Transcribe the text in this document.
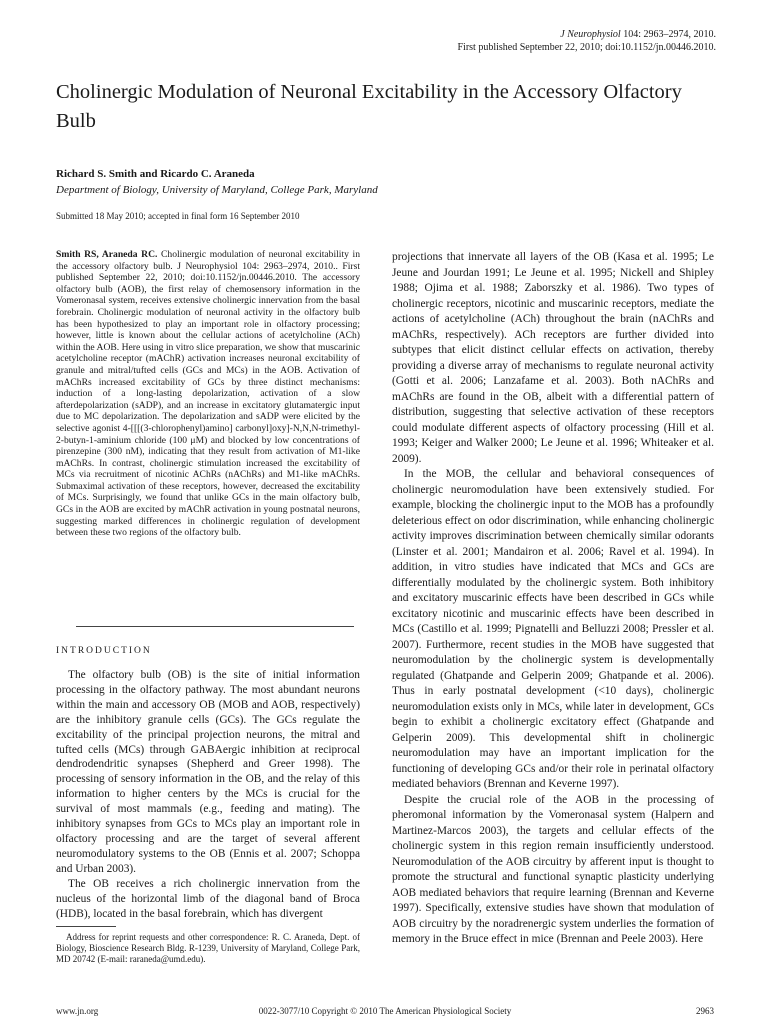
J Neurophysiol 104: 2963–2974, 2010.
First published September 22, 2010; doi:10.1152/jn.00446.2010.
Cholinergic Modulation of Neuronal Excitability in the Accessory Olfactory Bulb
Richard S. Smith and Ricardo C. Araneda
Department of Biology, University of Maryland, College Park, Maryland
Submitted 18 May 2010; accepted in final form 16 September 2010

Smith RS, Araneda RC. Cholinergic modulation of neuronal excitability in the accessory olfactory bulb. J Neurophysiol 104: 2963–2974, 2010.. First published September 22, 2010; doi:10.1152/jn.00446.2010. The accessory olfactory bulb (AOB), the first relay of chemosensory information in the Vomeronasal system, receives extensive cholinergic innervation from the basal forebrain. Cholinergic modulation of neuronal activity in the olfactory bulb has been hypothesized to play an important role in olfactory processing; however, little is known about the cellular actions of acetylcholine (ACh) within the AOB. Here using in vitro slice preparation, we show that muscarinic acetylcholine receptor (mAChR) activation increases neuronal excitability of granule and mitral/tufted cells (GCs and MCs) in the AOB. Activation of mAChRs increased excitability of GCs by three distinct mechanisms: induction of a long-lasting depolarization, activation of a slow afterdepolarization (sADP), and an increase in excitatory glutamatergic input due to MC depolarization. The depolarization and sADP were elicited by the selective agonist 4-[[[(3-chlorophenyl)amino] carbonyl]oxy]-N,N,N-trimethyl-2-butyn-1-aminium chloride (100 μM) and blocked by low concentrations of pirenzepine (300 nM), indicating that they result from activation of M1-like mAChRs. In contrast, cholinergic stimulation increased the excitability of MCs via recruitment of nicotinic AChRs (nAChRs) and M1-like mAChRs. Submaximal activation of these receptors, however, decreased the excitability of MCs. Surprisingly, we found that unlike GCs in the main olfactory bulb, GCs in the AOB are excited by mAChR activation in young postnatal neurons, suggesting marked differences in cholinergic regulation of development between these two regions of the olfactory bulb.

INTRODUCTION

The olfactory bulb (OB) is the site of initial information processing in the olfactory pathway. The most abundant neurons within the main and accessory OB (MOB and AOB, respectively) are the inhibitory granule cells (GCs). The GCs regulate the excitability of the principal projection neurons, the mitral and tufted cells (MCs) through GABAergic inhibition at reciprocal dendrodendritic synapses (Shepherd and Greer 1998). The processing of sensory information in the OB, and the relay of this information to higher centers by the MCs is crucial for the survival of most mammals (e.g., feeding and mating). The inhibitory synapses from GCs to MCs play an important role in olfactory processing and are the target of several afferent neuromodulatory systems to the OB (Ennis et al. 2007; Schoppa and Urban 2003).

The OB receives a rich cholinergic innervation from the nucleus of the horizontal limb of the diagonal band of Broca (HDB), located in the basal forebrain, which has divergent

Address for reprint requests and other correspondence: R. C. Araneda, Dept. of Biology, Bioscience Research Bldg. R-1239, University of Maryland, College Park, MD 20742 (E-mail: raraneda@umd.edu).

projections that innervate all layers of the OB (Kasa et al. 1995; Le Jeune and Jourdan 1991; Le Jeune et al. 1995; Nickell and Shipley 1988; Ojima et al. 1988; Zaborszky et al. 1986). Two types of cholinergic receptors, nicotinic and muscarinic receptors, mediate the actions of acetylcholine (ACh) throughout the brain (nAChRs and mAChRs, respectively). ACh receptors are further divided into subtypes that elicit distinct cellular effects on activation, thereby providing a diverse array of mechanisms to regulate neuronal activity (Gotti et al. 2006; Lanzafame et al. 2003). Both nAChRs and mAChRs are found in the OB, albeit with a differential pattern of distribution, suggesting that selective activation of these receptors could modulate different aspects of olfactory processing (Hill et al. 1993; Keiger and Walker 2000; Le Jeune et al. 1996; Whiteaker et al. 2009).

In the MOB, the cellular and behavioral consequences of cholinergic neuromodulation have been extensively studied. For example, blocking the cholinergic input to the MOB has a profoundly deleterious effect on odor discrimination, while enhancing cholinergic activity improves discrimination between chemically similar odorants (Linster et al. 2001; Mandairon et al. 2006; Ravel et al. 1994). In addition, in vitro studies have indicated that MCs and GCs are differentially modulated by the cholinergic system. Both inhibitory and excitatory muscarinic effects have been described in GCs while excitatory nicotinic and muscarinic effects have been described in MCs (Castillo et al. 1999; Pignatelli and Belluzzi 2008; Pressler et al. 2007). Furthermore, recent studies in the MOB have suggested that neuromodulation by the cholinergic system is developmentally regulated (Ghatpande and Gelperin 2009; Ghatpande et al. 2006). Thus in early postnatal development (<10 days), cholinergic neuromodulation exists only in MCs, while later in development, GCs begin to exhibit a cholinergic excitatory effect (Ghatpande and Gelperin 2009). This developmental shift in cholinergic neuromodulation may have an important implication for the functioning of developing GCs and/or their role in perinatal olfactory mediated behaviors (Brennan and Keverne 1997).

Despite the crucial role of the AOB in the processing of pheromonal information by the Vomeronasal system (Halpern and Martinez-Marcos 2003), the targets and cellular effects of the cholinergic system in this region remain insufficiently understood. Neuromodulation of the AOB circuitry by afferent input is thought to promote the structural and functional synaptic plasticity underlying AOB mediated behaviors that require learning (Brennan and Keverne 1997). Specifically, extensive studies have shown that modulation of AOB circuitry by the noradrenergic system underlies the formation of memory in the Bruce effect in mice (Brennan and Peele 2003). Here

www.jn.org	0022-3077/10 Copyright © 2010 The American Physiological Society	2963
